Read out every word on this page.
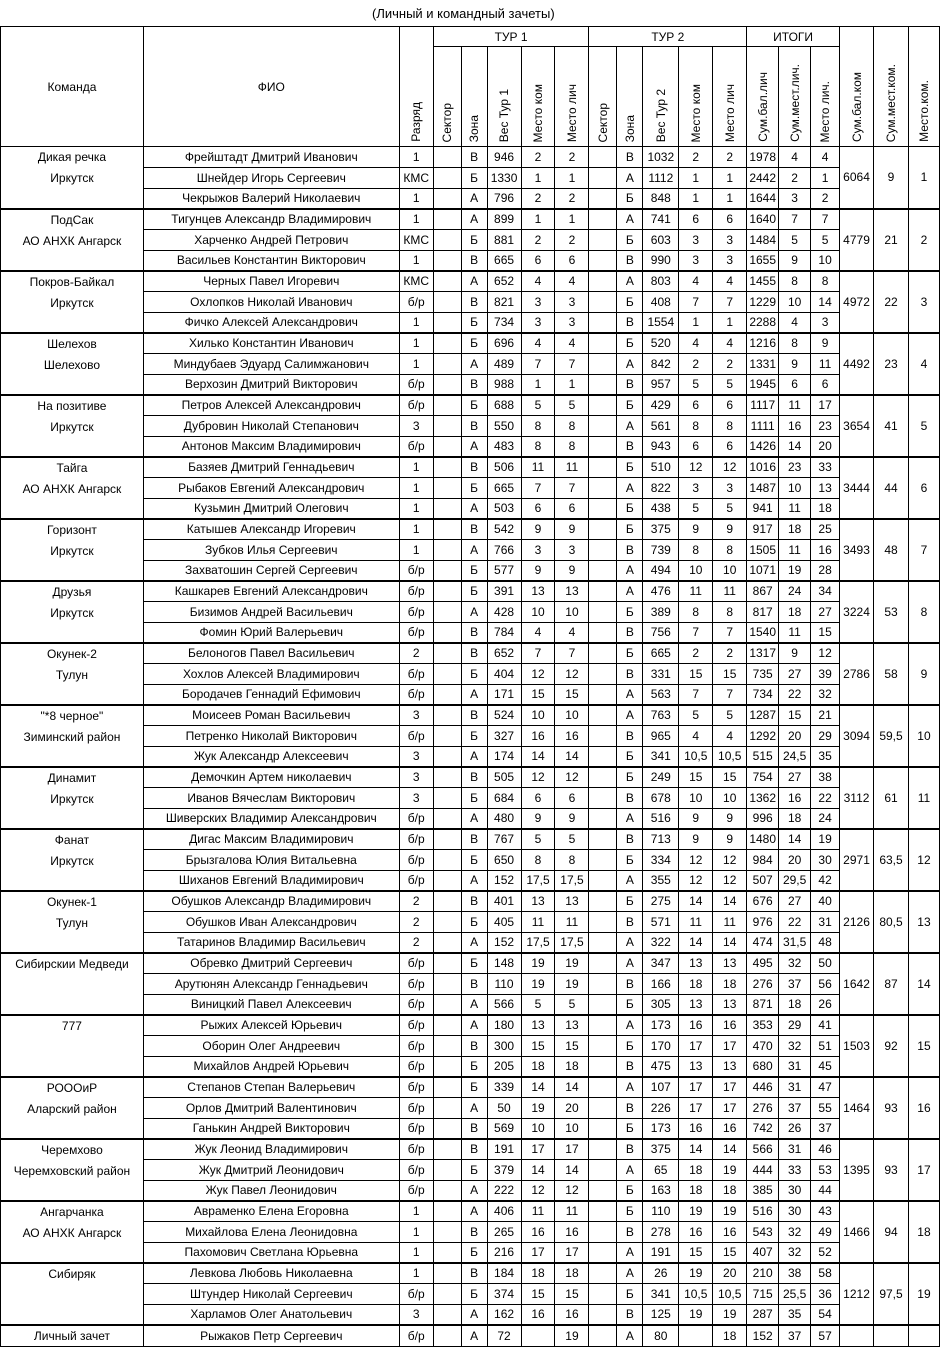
(Личный и командный зачеты)
Команда	ФИО	Разряд	ТУР 1					ТУР 2					ИТОГИ			Сум.бал.ком	Сум.мест.ком.	Место.ком.

			Сектор	Зона	Вес Тур 1	Место ком	Место лич	Сектор	Зона	Вес Тур 2	Место ком	Место лич	Сум.бал.лич	Сум.мест.лич.	Место лич.			

Дикая речка
Иркутск	Фрейштадт Дмитрий Иванович	1		В	946	2	2		В	1032	2	2	1978	4	4	6064	9	1
	Шнейдер Игорь Сергеевич	КМС		Б	1330	1	1		А	1112	1	1	2442	2	1			
	Чекрыжов Валерий Николаевич	1		А	796	2	2		Б	848	1	1	1644	3	2			

ПодСак
АО АНХК Ангарск	Тигунцев Александр Владимирович	1		А	899	1	1		А	741	6	6	1640	7	7	4779	21	2
	Харченко Андрей Петрович	КМС		Б	881	2	2		Б	603	3	3	1484	5	5			
	Васильев Константин Викторович	1		В	665	6	6		В	990	3	3	1655	9	10			

Покров-Байкал
Иркутск	Черных Павел Игоревич	КМС		А	652	4	4		А	803	4	4	1455	8	8	4972	22	3
	Охлопков Николай Иванович	б/р		В	821	3	3		Б	408	7	7	1229	10	14			
	Фичко Алексей Александрович	1		Б	734	3	3		В	1554	1	1	2288	4	3			

Шелехов
Шелехово	Хилько Константин Иванович	1		Б	696	4	4		Б	520	4	4	1216	8	9	4492	23	4
	Миндубаев Эдуард Салимжанович	1		А	489	7	7		А	842	2	2	1331	9	11			
	Верхозин Дмитрий Викторович	б/р		В	988	1	1		В	957	5	5	1945	6	6			

На позитиве
Иркутск	Петров Алексей Александрович	б/р		Б	688	5	5		Б	429	6	6	1117	11	17	3654	41	5
	Дубровин Николай Степанович	3		В	550	8	8		А	561	8	8	1111	16	23			
	Антонов Максим Владимирович	б/р		А	483	8	8		В	943	6	6	1426	14	20			

Тайга
АО АНХК Ангарск	Базяев Дмитрий Геннадьевич	1		В	506	11	11		Б	510	12	12	1016	23	33	3444	44	6
	Рыбаков Евгений Александрович	1		Б	665	7	7		А	822	3	3	1487	10	13			
	Кузьмин Дмитрий Олегович	1		А	503	6	6		Б	438	5	5	941	11	18			

Горизонт
Иркутск	Катышев Александр Игоревич	1		В	542	9	9		Б	375	9	9	917	18	25	3493	48	7
	Зубков Илья Сергеевич	1		А	766	3	3		В	739	8	8	1505	11	16			
	Захватошин Сергей Сергеевич	б/р		Б	577	9	9		А	494	10	10	1071	19	28			

Друзья
Иркутск	Кашкарев Евгений Александрович	б/р		Б	391	13	13		А	476	11	11	867	24	34	3224	53	8
	Бизимов Андрей Васильевич	б/р		А	428	10	10		Б	389	8	8	817	18	27			
	Фомин Юрий Валерьевич	б/р		В	784	4	4		В	756	7	7	1540	11	15			

Окунек-2
Тулун	Белоногов Павел Васильевич	2		В	652	7	7		Б	665	2	2	1317	9	12	2786	58	9
	Хохлов Алексей Владимирович	б/р		Б	404	12	12		В	331	15	15	735	27	39			
	Бородачев Геннадий Ефимович	б/р		А	171	15	15		А	563	7	7	734	22	32			

"*8 черное"
Зиминский район	Моисеев Роман Васильевич	3		В	524	10	10		А	763	5	5	1287	15	21	3094	59,5	10
	Петренко Николай Викторович	б/р		Б	327	16	16		В	965	4	4	1292	20	29			
	Жук Александр Алексеевич	3		А	174	14	14		Б	341	10,5	10,5	515	24,5	35			

Динамит
Иркутск	Демочкин Артем николаевич	3		В	505	12	12		Б	249	15	15	754	27	38	3112	61	11
	Иванов Вячеслам Викторович	3		Б	684	6	6		В	678	10	10	1362	16	22			
	Шиверских Владимир Александрович	б/р		А	480	9	9		А	516	9	9	996	18	24			

Фанат
Иркутск	Дигас Максим Владимирович	б/р		В	767	5	5		В	713	9	9	1480	14	19	2971	63,5	12
	Брызгалова Юлия Витальевна	б/р		Б	650	8	8		Б	334	12	12	984	20	30			
	Шиханов Евгений Владимирович	б/р		А	152	17,5	17,5		А	355	12	12	507	29,5	42			

Окунек-1
Тулун	Обушков Александр Владимирович	2		В	401	13	13		Б	275	14	14	676	27	40	2126	80,5	13
	Обушков Иван Александрович	2		Б	405	11	11		В	571	11	11	976	22	31			
	Татаринов Владимир Васильевич	2		А	152	17,5	17,5		А	322	14	14	474	31,5	48			

Сибирскии Медведи	Обревко Дмитрий Сергеевич	б/р		Б	148	19	19		А	347	13	13	495	32	50	1642	87	14
	Арутюнян Александр Геннадьевич	б/р		В	110	19	19		В	166	18	18	276	37	56			
	Виницкий Павел Алексеевич	б/р		А	566	5	5		Б	305	13	13	871	18	26			

777	Рыжих Алексей Юрьевич	б/р		А	180	13	13		А	173	16	16	353	29	41	1503	92	15
	Оборин Олег Андреевич	б/р		В	300	15	15		Б	170	17	17	470	32	51			
	Михайлов Андрей Юрьевич	б/р		Б	205	18	18		В	475	13	13	680	31	45			

РОООиР
Аларский район	Степанов Степан Валерьевич	б/р		Б	339	14	14		А	107	17	17	446	31	47	1464	93	16
	Орлов Дмитрий Валентинович	б/р		А	50	19	20		В	226	17	17	276	37	55			
	Ганькин Андрей Викторович	б/р		В	569	10	10		Б	173	16	16	742	26	37			

Черемхово
Черемховский район	Жук Леонид Владимирович	б/р		В	191	17	17		В	375	14	14	566	31	46	1395	93	17
	Жук Дмитрий Леонидович	б/р		Б	379	14	14		А	65	18	19	444	33	53			
	Жук Павел Леонидович	б/р		А	222	12	12		Б	163	18	18	385	30	44			

Ангарчанка
АО АНХК Ангарск	Авраменко Елена Егоровна	1		А	406	11	11		Б	110	19	19	516	30	43	1466	94	18
	Михайлова Елена Леонидовна	1		В	265	16	16		В	278	16	16	543	32	49			
	Пахомович Светлана Юрьевна	1		Б	216	17	17		А	191	15	15	407	32	52			

Сибиряк	Левкова Любовь Николаевна	1		В	184	18	18		А	26	19	20	210	38	58	1212	97,5	19
	Штундер Николай Сергеевич	б/р		Б	374	15	15		Б	341	10,5	10,5	715	25,5	36			
	Харламов Олег Анатольевич	3		А	162	16	16		В	125	19	19	287	35	54			
Личный зачет	Рыжаков Петр Сергеевич	б/р		А	72		19		А	80		18	152	37	57			
